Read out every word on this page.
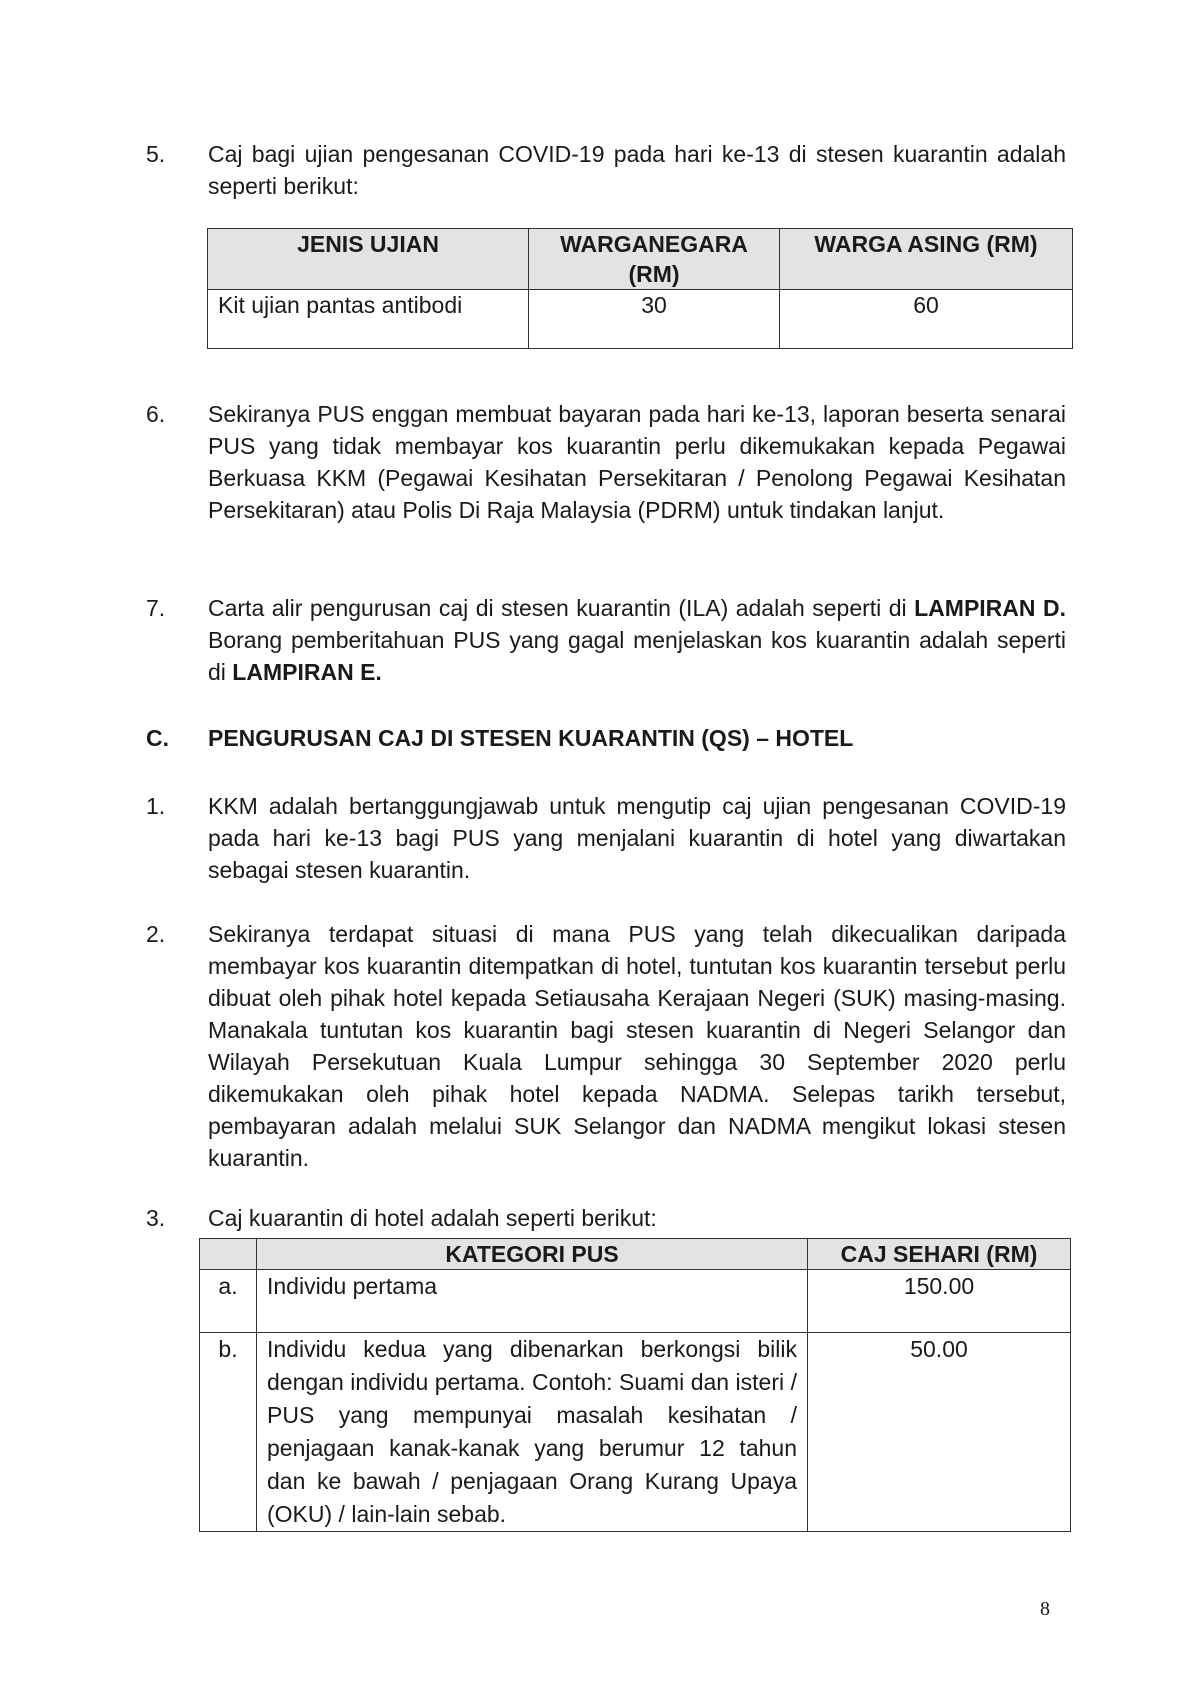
5.	Caj bagi ujian pengesanan COVID-19 pada hari ke-13 di stesen kuarantin adalah seperti berikut:
JENIS UJIAN	WARGANEGARA (RM)	WARGA ASING (RM)
Kit ujian pantas antibodi	30	60
6.	Sekiranya PUS enggan membuat bayaran pada hari ke-13, laporan beserta senarai PUS yang tidak membayar kos kuarantin perlu dikemukakan kepada Pegawai Berkuasa KKM (Pegawai Kesihatan Persekitaran / Penolong Pegawai Kesihatan Persekitaran) atau Polis Di Raja Malaysia (PDRM) untuk tindakan lanjut.
7.	Carta alir pengurusan caj di stesen kuarantin (ILA) adalah seperti di LAMPIRAN D. Borang pemberitahuan PUS yang gagal menjelaskan kos kuarantin adalah seperti di LAMPIRAN E.
C.	PENGURUSAN CAJ DI STESEN KUARANTIN (QS) – HOTEL
1.	KKM adalah bertanggungjawab untuk mengutip caj ujian pengesanan COVID-19 pada hari ke-13 bagi PUS yang menjalani kuarantin di hotel yang diwartakan sebagai stesen kuarantin.
2.	Sekiranya terdapat situasi di mana PUS yang telah dikecualikan daripada membayar kos kuarantin ditempatkan di hotel, tuntutan kos kuarantin tersebut perlu dibuat oleh pihak hotel kepada Setiausaha Kerajaan Negeri (SUK) masing-masing. Manakala tuntutan kos kuarantin bagi stesen kuarantin di Negeri Selangor dan Wilayah Persekutuan Kuala Lumpur sehingga 30 September 2020 perlu dikemukakan oleh pihak hotel kepada NADMA. Selepas tarikh tersebut, pembayaran adalah melalui SUK Selangor dan NADMA mengikut lokasi stesen kuarantin.
3.	Caj kuarantin di hotel adalah seperti berikut:
	KATEGORI PUS	CAJ SEHARI (RM)
a.	Individu pertama	150.00
b.	Individu kedua yang dibenarkan berkongsi bilik dengan individu pertama. Contoh: Suami dan isteri / PUS yang mempunyai masalah kesihatan / penjagaan kanak-kanak yang berumur 12 tahun dan ke bawah / penjagaan Orang Kurang Upaya (OKU) / lain-lain sebab.	50.00
8
